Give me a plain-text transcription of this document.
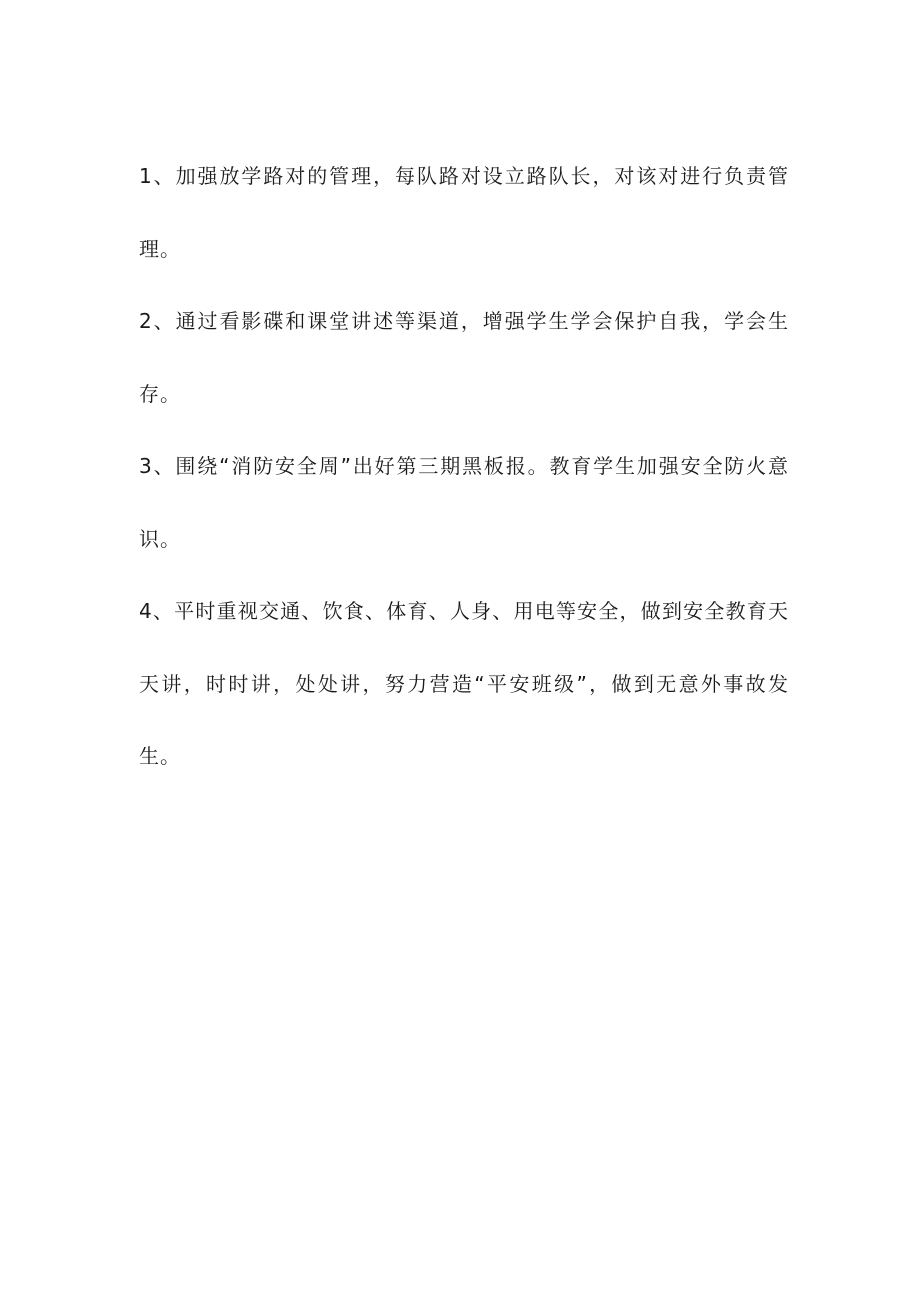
1、加强放学路对的管理，每队路对设立路队长，对该对进行负责管理。

2、通过看影碟和课堂讲述等渠道，增强学生学会保护自我，学会生存。

3、围绕“消防安全周”出好第三期黑板报。教育学生加强安全防火意识。

4、平时重视交通、饮食、体育、人身、用电等安全，做到安全教育天天讲，时时讲，处处讲，努力营造“平安班级”，做到无意外事故发生。
